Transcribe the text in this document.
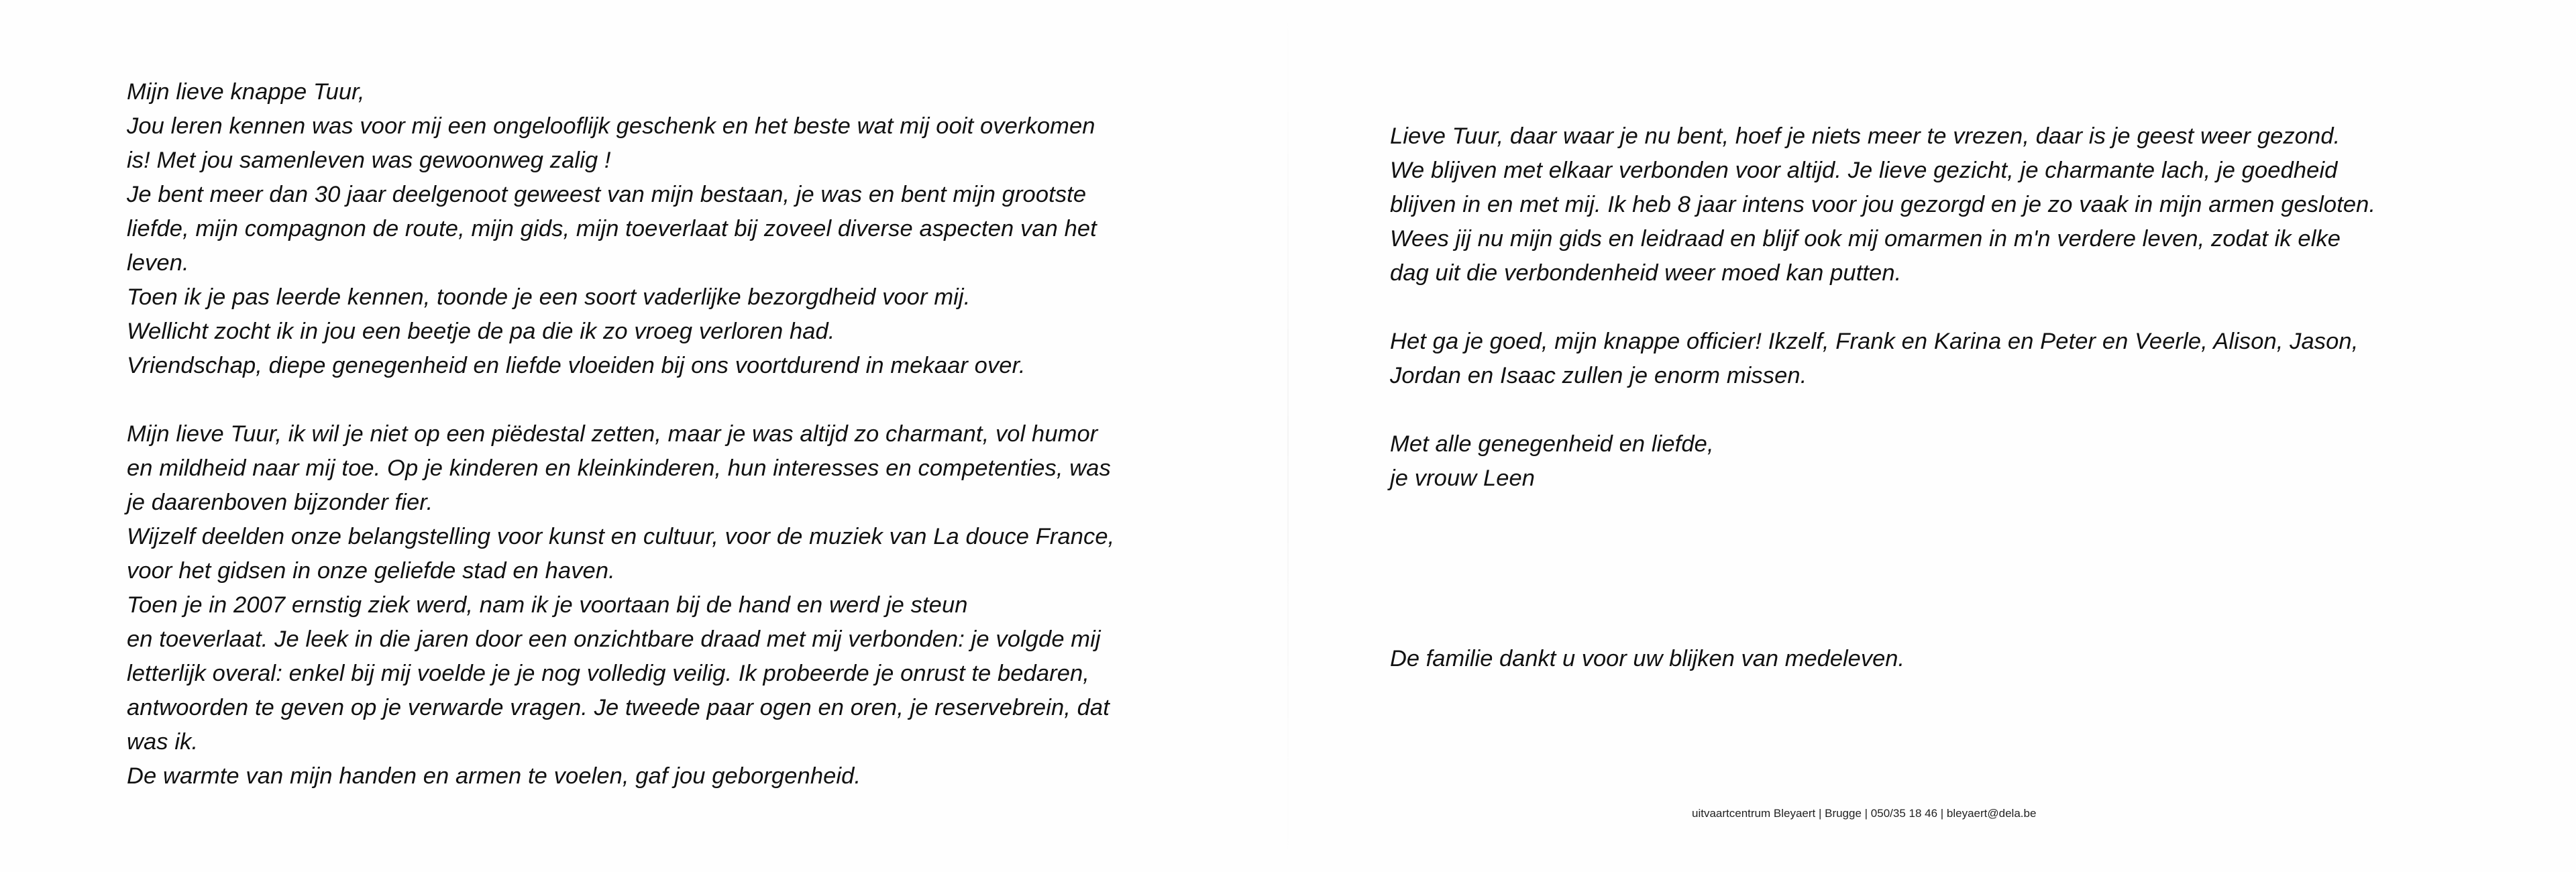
Mijn lieve knappe Tuur,
Jou leren kennen was voor mij een ongelooflijk geschenk en het beste wat mij ooit overkomen
is! Met jou samenleven was gewoonweg zalig !
Je bent meer dan 30 jaar deelgenoot geweest van mijn bestaan, je was en bent mijn grootste
liefde, mijn compagnon de route, mijn gids, mijn toeverlaat bij zoveel diverse aspecten van het
leven.
Toen ik je pas leerde kennen, toonde je een soort vaderlijke bezorgdheid voor mij.
Wellicht zocht ik in jou een beetje de pa die ik zo vroeg verloren had.
Vriendschap, diepe genegenheid en liefde vloeiden bij ons voortdurend in mekaar over.
Mijn lieve Tuur, ik wil je niet op een piëdestal zetten, maar je was altijd zo charmant, vol humor
en mildheid naar mij toe. Op je kinderen en kleinkinderen, hun interesses en competenties, was
je daarenboven bijzonder fier.
Wijzelf deelden onze belangstelling voor kunst en cultuur, voor de muziek van La douce France,
voor het gidsen in onze geliefde stad en haven.
Toen je in 2007 ernstig ziek werd, nam ik je voortaan bij de hand en werd je steun
en toeverlaat. Je leek in die jaren door een onzichtbare draad met mij verbonden: je volgde mij
letterlijk overal: enkel bij mij voelde je je nog volledig veilig. Ik probeerde je onrust te bedaren,
antwoorden te geven op je verwarde vragen. Je tweede paar ogen en oren, je reservebrein, dat
was ik.
De warmte van mijn handen en armen te voelen, gaf jou geborgenheid.
Lieve Tuur, daar waar je nu bent, hoef je niets meer te vrezen, daar is je geest weer gezond.
We blijven met elkaar verbonden voor altijd. Je lieve gezicht, je charmante lach, je goedheid
blijven in en met mij. Ik heb 8 jaar intens voor jou gezorgd en je zo vaak in mijn armen gesloten.
Wees jij nu mijn gids en leidraad en blijf ook mij omarmen in m'n verdere leven, zodat ik elke
dag uit die verbondenheid weer moed kan putten.
Het ga je goed, mijn knappe officier! Ikzelf, Frank en Karina en Peter en Veerle, Alison, Jason,
Jordan en Isaac zullen je enorm missen.
Met alle genegenheid en liefde,
je vrouw Leen
De familie dankt u voor uw blijken van medeleven.
uitvaartcentrum Bleyaert | Brugge | 050/35 18 46 | bleyaert@dela.be
